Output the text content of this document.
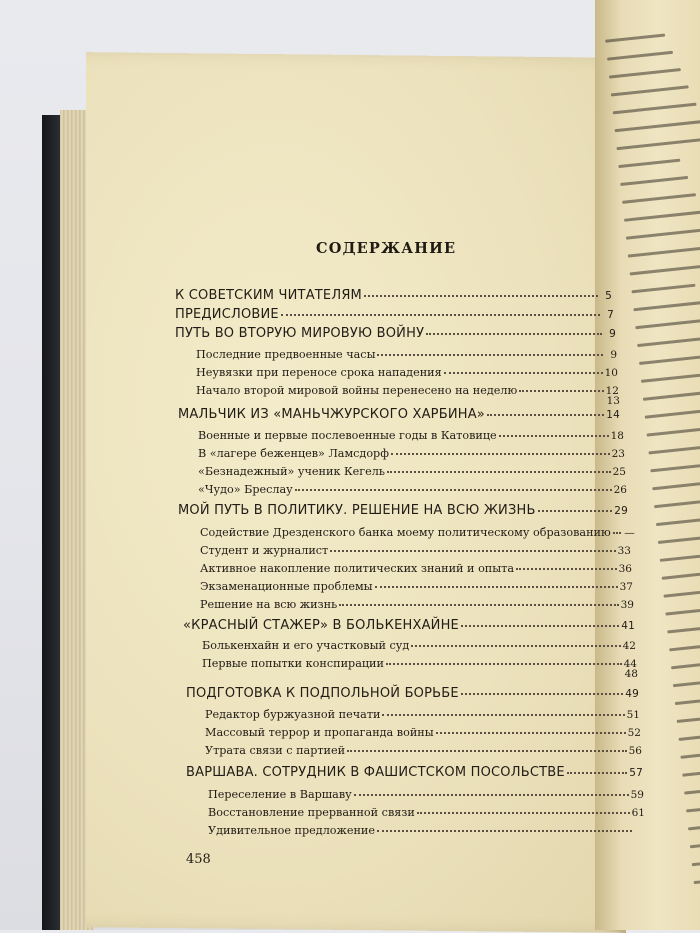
СОДЕРЖАНИЕ
К СОВЕТСКИМ ЧИТАТЕЛЯМ	5
ПРЕДИСЛОВИЕ	7
ПУТЬ ВО ВТОРУЮ МИРОВУЮ ВОЙНУ	9
Последние предвоенные часы	9
Неувязки при переносе срока нападения	10
Начало второй мировой войны перенесено на неделю	12
13
МАЛЬЧИК ИЗ «МАНЬЧЖУРСКОГО ХАРБИНА»	14
Военные и первые послевоенные годы в Катовице	18
В «лагере беженцев» Ламсдорф	23
«Безнадежный» ученик Кегель	25
«Чудо» Бреслау	26
МОЙ ПУТЬ В ПОЛИТИКУ. РЕШЕНИЕ НА ВСЮ ЖИЗНЬ	29
Содействие Дрезденского банка моему политическому образованию —
Студент и журналист	33
Активное накопление политических знаний и опыта	36
Экзаменационные проблемы	37
Решение на всю жизнь	39
«КРАСНЫЙ СТАЖЕР» В БОЛЬКЕНХАЙНЕ	41
Болькенхайн и его участковый суд	42
Первые попытки конспирации	44
48
ПОДГОТОВКА К ПОДПОЛЬНОЙ БОРЬБЕ	49
Редактор буржуазной печати	51
Массовый террор и пропаганда войны	52
Утрата связи с партией	56
ВАРШАВА. СОТРУДНИК В ФАШИСТСКОМ ПОСОЛЬСТВЕ	57
Переселение в Варшаву	59
Восстановление прерванной связи	61
Удивительное предложение
458
